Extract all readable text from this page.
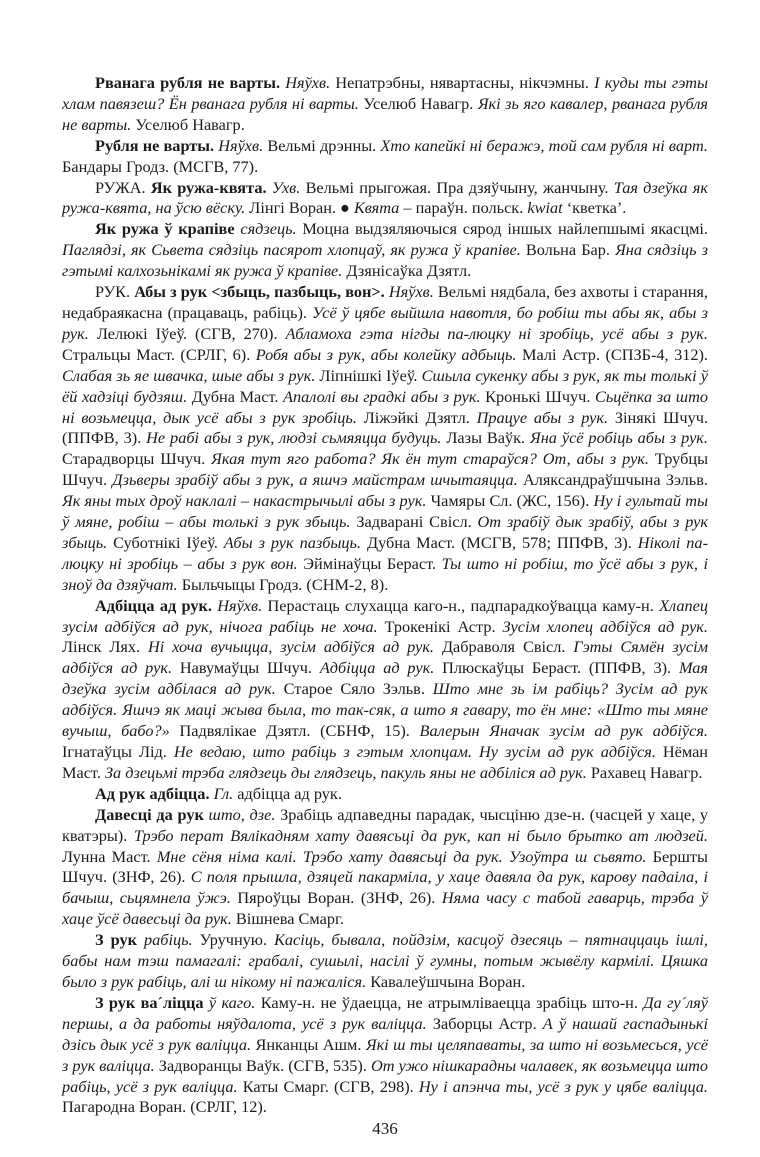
Рванага рубля не варты. Няўхв. Непатрэбны, нявартасны, нікчэмны. І куды ты гэты хлам павязеш? Ён рванага рубля ні варты. Уселюб Навагр. Які зь яго кавалер, рванага рубля не варты. Уселюб Навагр.

Рубля не варты. Няўхв. Вельмі дрэнны. Хто капейкі ні беражэ, той сам рубля ні варт. Бандары Гродз. (МСГВ, 77).

РУЖА. Як ружа-квята. Ухв. Вельмі прыгожая. Пра дзяўчыну, жанчыну. Тая дзеўка як ружа-квята, на ўсю вёску. Лінгі Воран. ● Квята – параўн. польск. kwiat ‘кветка’.

Як ружа ў крапіве сядзець. Моцна выдзяляючыся сярод іншых найлепшымі якасцмі. Паглядзі, як Сьвета сядзіць пасярот хлопцаў, як ружа ў крапіве. Вольна Бар. Яна сядзіць з гэтымі калхозьнікамі як ружа ў крапіве. Дзянісаўка Дзятл.

РУК. Абы з рук <збыць, пазбыць, вон>. Няўхв. Вельмі нядбала, без ахвоты і старання, недабраякасна (працаваць, рабіць). Усё ў цябе выйшла навотля, бо робіш ты абы як, абы з рук. Лелюкі Іўеў. (СГВ, 270). Абламоха гэта нігды па-люцку ні зробіць, усё абы з рук. Стральцы Маст. (СРЛГ, 6). Робя абы з рук, абы колейку адбыць. Малі Астр. (СПЗБ-4, 312). Слабая зь яе швачка, шые абы з рук. Ліпнішкі Іўеў. Сшыла сукенку абы з рук, як ты толькі ў ёй хадзіці будзяш. Дубна Маст. Апалолі вы градкі абы з рук. Кронькі Шчуч. Сьцёпка за што ні возьмецца, дык усё абы з рук зробіць. Ліжэйкі Дзятл. Працуе абы з рук. Зінякі Шчуч. (ППФВ, 3). Не рабі абы з рук, людзі сьмяяцца будуць. Лазы Ваўк. Яна ўсё робіць абы з рук. Старадворцы Шчуч. Якая тут яго работа? Як ён тут стараўся? От, абы з рук. Трубцы Шчуч. Дзьверы зрабіў абы з рук, а яшчэ майстрам шчытаяцца. Аляксандраўшчына Зэльв. Як яны тых дроў наклалі – накастрычылі абы з рук. Чамяры Сл. (ЖС, 156). Ну і гультай ты ў мяне, робіш – абы толькі з рук збыць. Задварані Свісл. От зрабіў дык зрабіў, абы з рук збыць. Суботнікі Іўеў. Абы з рук пазбыць. Дубна Маст. (МСГВ, 578; ППФВ, 3). Ніколі па-люцку ні зробіць – абы з рук вон. Эймінаўцы Бераст. Ты што ні робіш, то ўсё абы з рук, і зноў да дзяўчат. Быльчыцы Гродз. (СНМ-2, 8).

Адбіцца ад рук. Няўхв. Перастаць слухацца каго-н., падпарадкоўвацца каму-н. Хлапец зусім адбіўся ад рук, нічога рабіць не хоча. Трокенікі Астр. Зусім хлопец адбіўся ад рук. Лінск Лях. Ні хоча вучыцца, зусім адбіўся ад рук. Дабраволя Свісл. Гэты Сямён зусім адбіўся ад рук. Навумаўцы Шчуч. Адбіцца ад рук. Плюскаўцы Бераст. (ППФВ, 3). Мая дзеўка зусім адбілася ад рук. Старое Сяло Зэльв. Што мне зь ім рабіць? Зусім ад рук адбіўся. Яшчэ як маці жыва была, то так-сяк, а што я гавару, то ён мне: «Што ты мяне вучыш, бабо?» Падвялікае Дзятл. (СБНФ, 15). Валерын Яначак зусім ад рук адбіўся. Ігнатаўцы Лід. Не ведаю, што рабіць з гэтым хлопцам. Ну зусім ад рук адбіўся. Нёман Маст. За дзецьмі трэба глядзець ды глядзець, пакуль яны не адбіліся ад рук. Рахавец Навагр.

Ад рук адбіцца. Гл. адбіцца ад рук.

Давесці да рук што, дзе. Зрабіць адпаведны парадак, чысціню дзе-н. (часцей у хаце, у кватэры). Трэбо перат Вялікадням хату давясьці да рук, кап ні было брытко ат людзей. Лунна Маст. Мне сёня німа калі. Трэбо хату давясьці да рук. Узоўтра ш сьвято. Бершты Шчуч. (ЗНФ, 26). С поля прышла, дзяцей пакарміла, у хаце давяла да рук, карову падаіла, і бачыш, сьцямнела ўжэ. Пяроўцы Воран. (ЗНФ, 26). Няма часу с табой гаварць, трэба ў хаце ўсё давесьці да рук. Вішнева Смарг.

З рук рабіць. Уручную. Касіць, бывала, пойдзім, касцоў дзесяць – пятнаццаць ішлі, бабы нам тэш памагалі: грабалі, сушылі, насілі ў гумны, потым жывёлу кармілі. Цяшка было з рук рабіць, алі ш нікому ні пажаліся. Кавалеўшчына Воран.

З рук ва´ліцца ў каго. Каму-н. не ўдаецца, не атрымліваецца зрабіць што-н. Да гу´ляў першы, а да работы няўдалота, усё з рук валіцца. Заборцы Астр. А ў нашай гаспадынькі дзісь дык усё з рук валіцца. Янканцы Ашм. Які ш ты целяпаваты, за што ні возьмесься, усё з рук валіцца. Задворанцы Ваўк. (СГВ, 535). От ужо нішкарадны чалавек, як возьмецца што рабіць, усё з рук валіцца. Каты Смарг. (СГВ, 298). Ну і апэнча ты, усё з рук у цябе валіцца. Пагародна Воран. (СРЛГ, 12).

436
